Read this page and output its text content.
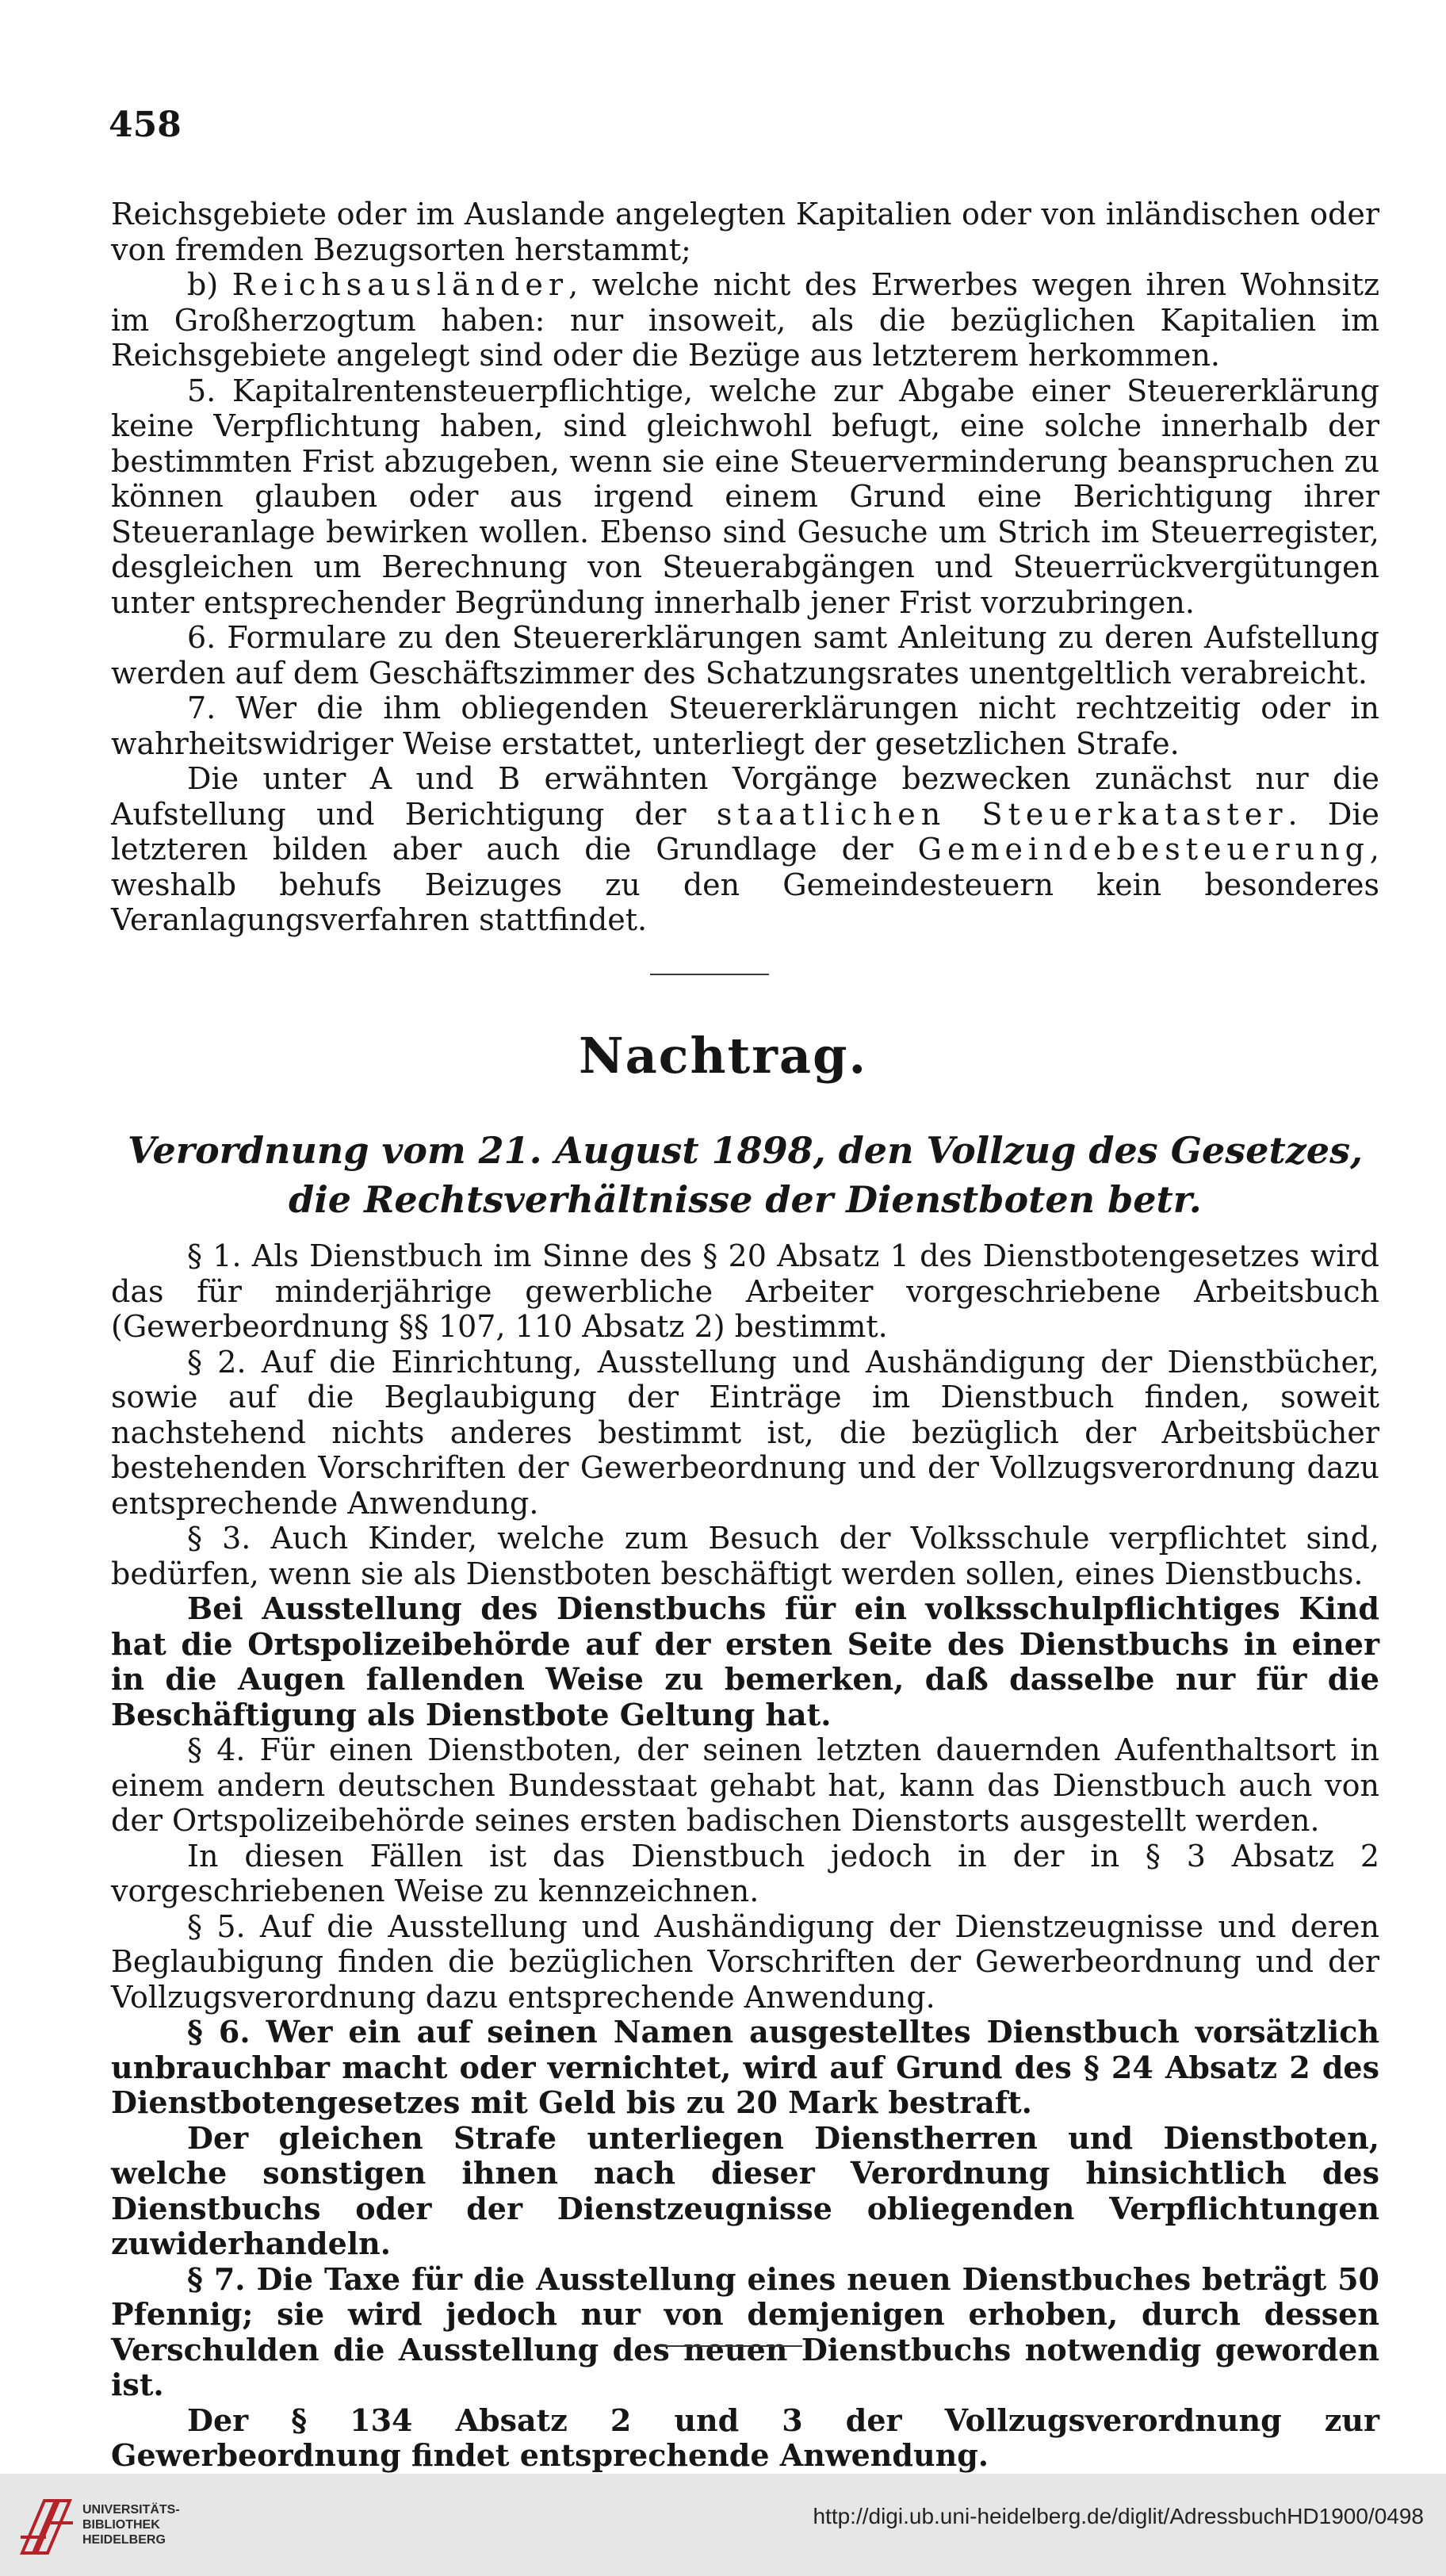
458

Reichsgebiete oder im Auslande angelegten Kapitalien oder von inländischen oder von fremden Bezugsorten herstammt;

b) Reichsausländer, welche nicht des Erwerbes wegen ihren Wohnsitz im Großherzogtum haben: nur insoweit, als die bezüglichen Kapitalien im Reichsgebiete angelegt sind oder die Bezüge aus letzterem herkommen.

5. Kapitalrentensteuerpflichtige, welche zur Abgabe einer Steuererklärung keine Verpflichtung haben, sind gleichwohl befugt, eine solche innerhalb der bestimmten Frist abzugeben, wenn sie eine Steuerverminderung beanspruchen zu können glauben oder aus irgend einem Grund eine Berichtigung ihrer Steueranlage bewirken wollen. Ebenso sind Gesuche um Strich im Steuerregister, desgleichen um Berechnung von Steuerabgängen und Steuerrückvergütungen unter entsprechender Begründung innerhalb jener Frist vorzubringen.

6. Formulare zu den Steuererklärungen samt Anleitung zu deren Aufstellung werden auf dem Geschäftszimmer des Schatzungsrates unentgeltlich verabreicht.

7. Wer die ihm obliegenden Steuererklärungen nicht rechtzeitig oder in wahrheitswidriger Weise erstattet, unterliegt der gesetzlichen Strafe.

Die unter A und B erwähnten Vorgänge bezwecken zunächst nur die Aufstellung und Berichtigung der staatlichen Steuerkataster. Die letzteren bilden aber auch die Grundlage der Gemeindebesteuerung, weshalb behufs Beizuges zu den Gemeindesteuern kein besonderes Veranlagungsverfahren stattfindet.

Nachtrag.
Verordnung vom 21. August 1898, den Vollzug des Gesetzes, die Rechtsverhältnisse der Dienstboten betr.

§ 1. Als Dienstbuch im Sinne des § 20 Absatz 1 des Dienstbotengesetzes wird das für minderjährige gewerbliche Arbeiter vorgeschriebene Arbeitsbuch (Gewerbeordnung §§ 107, 110 Absatz 2) bestimmt.

§ 2. Auf die Einrichtung, Ausstellung und Aushändigung der Dienstbücher, sowie auf die Beglaubigung der Einträge im Dienstbuch finden, soweit nachstehend nichts anderes bestimmt ist, die bezüglich der Arbeitsbücher bestehenden Vorschriften der Gewerbeordnung und der Vollzugsverordnung dazu entsprechende Anwendung.

§ 3. Auch Kinder, welche zum Besuch der Volksschule verpflichtet sind, bedürfen, wenn sie als Dienstboten beschäftigt werden sollen, eines Dienstbuchs.

Bei Ausstellung des Dienstbuchs für ein volksschulpflichtiges Kind hat die Ortspolizeibehörde auf der ersten Seite des Dienstbuchs in einer in die Augen fallenden Weise zu bemerken, daß dasselbe nur für die Beschäftigung als Dienstbote Geltung hat.

§ 4. Für einen Dienstboten, der seinen letzten dauernden Aufenthaltsort in einem andern deutschen Bundesstaat gehabt hat, kann das Dienstbuch auch von der Ortspolizeibehörde seines ersten badischen Dienstorts ausgestellt werden.

In diesen Fällen ist das Dienstbuch jedoch in der in § 3 Absatz 2 vorgeschriebenen Weise zu kennzeichnen.

§ 5. Auf die Ausstellung und Aushändigung der Dienstzeugnisse und deren Beglaubigung finden die bezüglichen Vorschriften der Gewerbeordnung und der Vollzugsverordnung dazu entsprechende Anwendung.

§ 6. Wer ein auf seinen Namen ausgestelltes Dienstbuch vorsätzlich unbrauchbar macht oder vernichtet, wird auf Grund des § 24 Absatz 2 des Dienstbotengesetzes mit Geld bis zu 20 Mark bestraft.

Der gleichen Strafe unterliegen Dienstherren und Dienstboten, welche sonstigen ihnen nach dieser Verordnung hinsichtlich des Dienstbuchs oder der Dienstzeugnisse obliegenden Verpflichtungen zuwiderhandeln.

§ 7. Die Taxe für die Ausstellung eines neuen Dienstbuches beträgt 50 Pfennig; sie wird jedoch nur von demjenigen erhoben, durch dessen Verschulden die Ausstellung des neuen Dienstbuchs notwendig geworden ist.

Der § 134 Absatz 2 und 3 der Vollzugsverordnung zur Gewerbeordnung findet entsprechende Anwendung.

UNIVERSITÄTS-
BIBLIOTHEK
HEIDELBERG
http://digi.ub.uni-heidelberg.de/diglit/AdressbuchHD1900/0498
